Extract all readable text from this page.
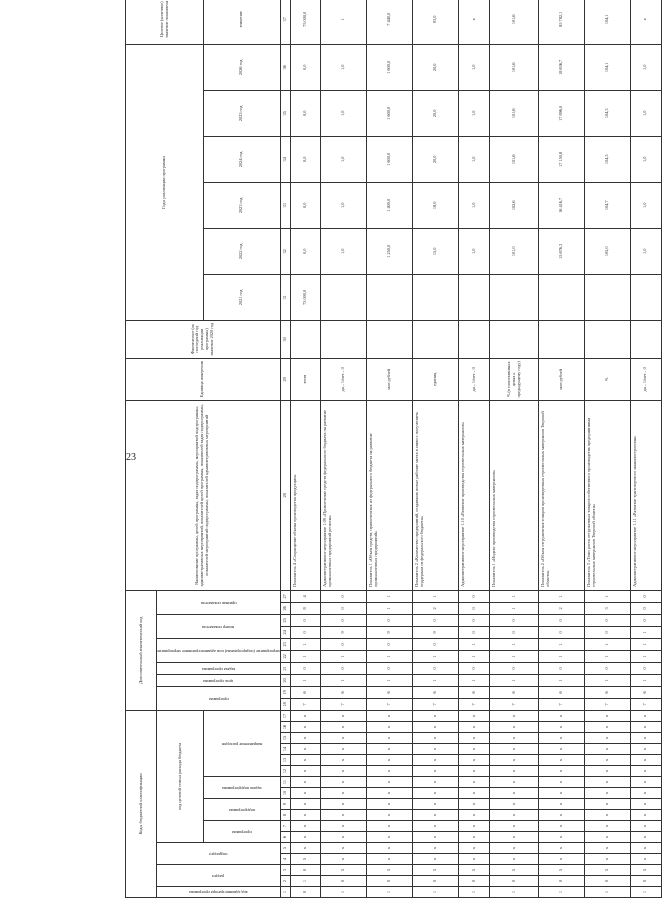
23
Коды бюджетной классификации																	Дополнительный аналитический код										Наименование программы, целей программы, задач подпрограммы, мероприятий подпрограммы, административных мероприятий, показателей целей программы, показателей задач подпрограммы, показателей мероприятий подпрограммы, показателей административных мероприятий	Единица измерения	Фактическое (за последний год реализации программы) значение 2020 год	Годы реализации программы						Целевое (конечное) значение показателя

код администратора программы	раздел		подраздел		код целевой статьи расхода бюджета												программа		цель программы	задача программы	мероприятие (подпрограммы) или административное мероприятие		номер показателя		признак показателя											

					программа		подпрограмма		задача подпрограммы		направление расходов																			2021 год	2022 год	2023 год	2024 год	2025 год	2026 год	значение
1	2	3	4	5	6	7	8	9	10	11	12	13	14	15	16	17	18	19	20	21	22	23	24	25	26	27	28	29	30	31	32	33	34	35	36	37
0	1	0	5	х	х	х	х	х	х	х	х	х	х	х	х	х	7	6	1	0	1	1	0	0	8	4	Показатель 4 «Сокращение объема производства продукции»	тонн		75 000,0	0,0	0,0	0,0	0,0	0,0	75 000,0
1	0	5	х	х	х	х	х	х	х	х	х	х	х	х	х	х	7	6	1	0	1	0	9	0	0	0	Административное мероприятие 1.09 «Привлечение средств федерального бюджета на развитие промышленных предприятий региона»	да – 1/нет – 0			1,0	1,0	1,0	1,0	1,0	1
1	0	5	х	х	х	х	х	х	х	х	х	х	х	х	х	х	7	6	1	0	1	0	9	0	1	1	Показатель 1 «Объем средств, привлеченных из федерального бюджета на развитие промышленных предприятий»	млн рублей			1 250,0	1 400,0	1 600,0	1 600,0	1 600,0	7 440,0
1	0	5	х	х	х	х	х	х	х	х	х	х	х	х	х	х	7	6	1	0	1	0	9	0	2	1	Показатель 2 «Количество предприятий, создавших новые рабочие места в связи с получением поддержки из федерального бюджета»	единиц			15,0	18,0	20,0	20,0	20,0	93,0
1	0	5	х	х	х	х	х	х	х	х	х	х	х	х	х	х	7	6	1	0	1	1	0	0	0	0	Административное мероприятие 1.10 «Развитие производства строительных материалов»	да – 1/нет – 0			1,0	1,0	1,0	1,0	1,0	х
1	0	5	х	х	х	х	х	х	х	х	х	х	х	х	х	х	7	6	1	0	1	1	0	0	1	1	Показатель 1 «Индекс производства строительных материалов»	% (в сопоставимых ценах к предыдущему году)			101,0	102,6	101,6	101,6	101,6	101,6
1	0	5	х	х	х	х	х	х	х	х	х	х	х	х	х	х	7	6	1	0	1	1	0	0	2	1	Показатель 2 «Объем отгруженных товаров произведенных строительных материалов Тверской области»	млн рублей			15 676,3	16 416,7	17 150,8	17 896,0	18 636,7	85 782,1
1	0	5	х	х	х	х	х	х	х	х	х	х	х	х	х	х	7	6	1	0	1	1	0	0	3	1	Показатель 3 «Темп роста отгруженных товаров собственного производства предприятиями строительных материалов Тверской области»	%			105,0	104,7	104,5	104,3	104,1	104,1
1	0	5	х	х	х	х	х	х	х	х	х	х	х	х	х	х	7	6	1	0	1	1	1	0	0	0	Административное мероприятие 1.11 «Развитие транспортного машиностроения»	да – 1/нет – 0			1,0	1,0	1,0	1,0	1,0	х
